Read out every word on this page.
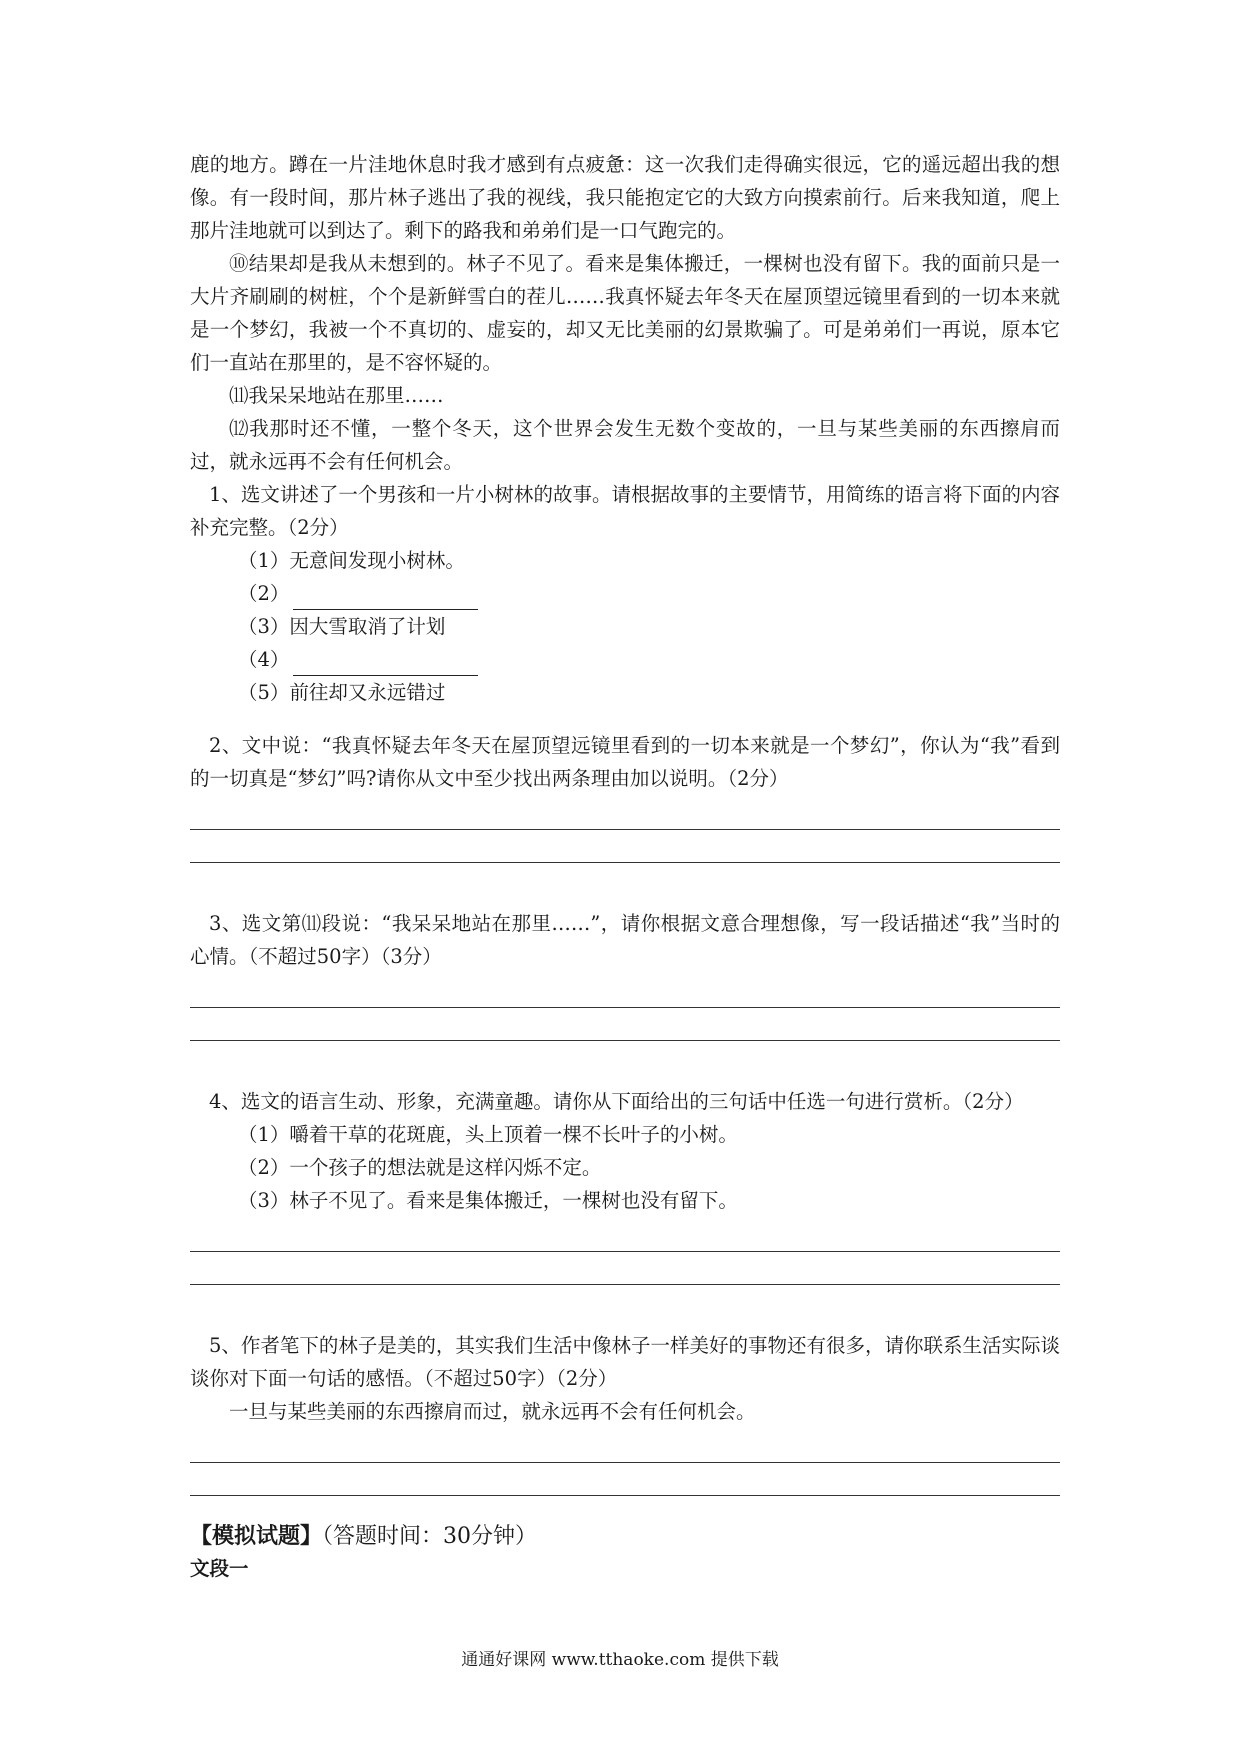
鹿的地方。蹲在一片洼地休息时我才感到有点疲惫：这一次我们走得确实很远，它的遥远超出我的想像。有一段时间，那片林子逃出了我的视线，我只能抱定它的大致方向摸索前行。后来我知道，爬上那片洼地就可以到达了。剩下的路我和弟弟们是一口气跑完的。

⑩结果却是我从未想到的。林子不见了。看来是集体搬迁，一棵树也没有留下。我的面前只是一大片齐刷刷的树桩，个个是新鲜雪白的茬儿……我真怀疑去年冬天在屋顶望远镜里看到的一切本来就是一个梦幻，我被一个不真切的、虚妄的，却又无比美丽的幻景欺骗了。可是弟弟们一再说，原本它们一直站在那里的，是不容怀疑的。

⑾我呆呆地站在那里……

⑿我那时还不懂，一整个冬天，这个世界会发生无数个变故的，一旦与某些美丽的东西擦肩而过，就永远再不会有任何机会。

1、选文讲述了一个男孩和一片小树林的故事。请根据故事的主要情节，用简练的语言将下面的内容补充完整。（2分）

（1）无意间发现小树林。

（2）

（3）因大雪取消了计划

（4）

（5）前往却又永远错过

2、文中说：“我真怀疑去年冬天在屋顶望远镜里看到的一切本来就是一个梦幻”，你认为“我”看到的一切真是“梦幻”吗?请你从文中至少找出两条理由加以说明。（2分）

3、选文第⑾段说：“我呆呆地站在那里……”，请你根据文意合理想像，写一段话描述“我”当时的心情。（不超过50字）（3分）

4、选文的语言生动、形象，充满童趣。请你从下面给出的三句话中任选一句进行赏析。（2分）

（1）嚼着干草的花斑鹿，头上顶着一棵不长叶子的小树。

（2）一个孩子的想法就是这样闪烁不定。

（3）林子不见了。看来是集体搬迁，一棵树也没有留下。

5、作者笔下的林子是美的，其实我们生活中像林子一样美好的事物还有很多，请你联系生活实际谈谈你对下面一句话的感悟。（不超过50字）（2分）

一旦与某些美丽的东西擦肩而过，就永远再不会有任何机会。

【模拟试题】（答题时间：30分钟）

文段一

通通好课网 www.tthaoke.com 提供下载
